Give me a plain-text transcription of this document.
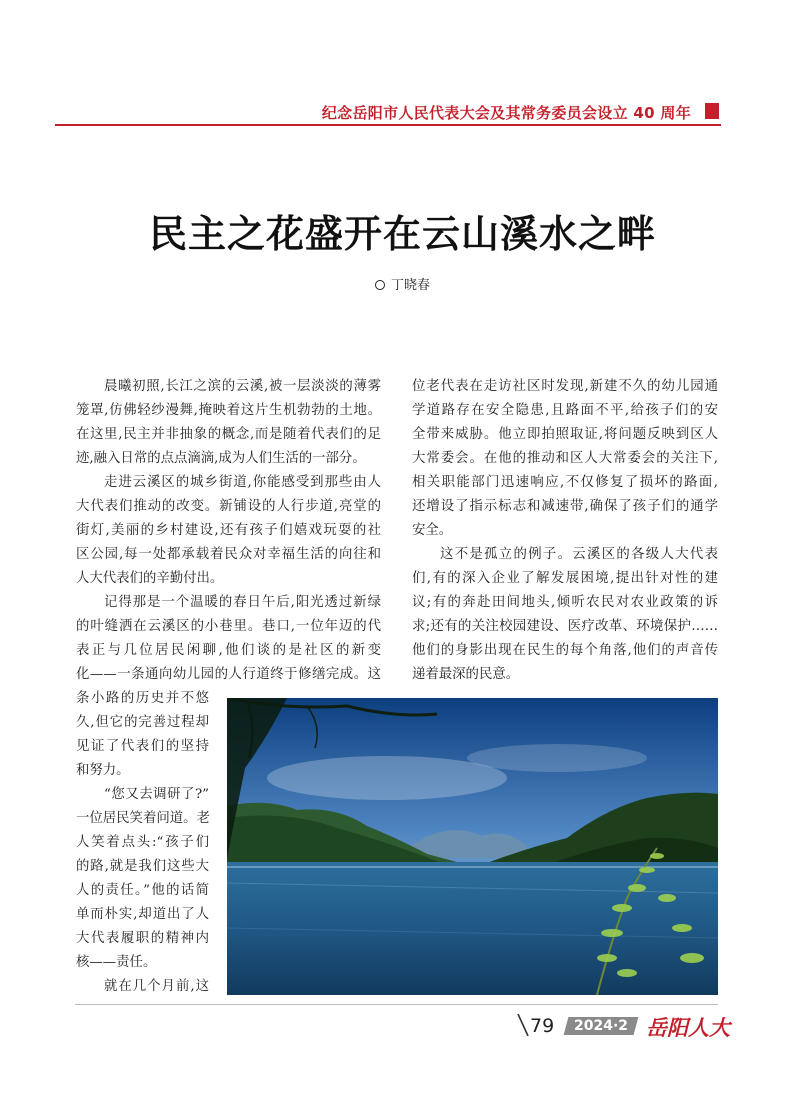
纪念岳阳市人民代表大会及其常务委员会设立 40 周年
民主之花盛开在云山溪水之畔
丁晓春
晨曦初照,长江之滨的云溪,被一层淡淡的薄雾
笼罩,仿佛轻纱漫舞,掩映着这片生机勃勃的土地。
在这里,民主并非抽象的概念,而是随着代表们的足
迹,融入日常的点点滴滴,成为人们生活的一部分。
走进云溪区的城乡街道,你能感受到那些由人
大代表们推动的改变。新铺设的人行步道,亮堂的
街灯,美丽的乡村建设,还有孩子们嬉戏玩耍的社
区公园,每一处都承载着民众对幸福生活的向往和
人大代表们的辛勤付出。
记得那是一个温暖的春日午后,阳光透过新绿
的叶缝洒在云溪区的小巷里。巷口,一位年迈的代
表正与几位居民闲聊,他们谈的是社区的新变
化——一条通向幼儿园的人行道终于修缮完成。这
条小路的历史并不悠
久,但它的完善过程却
见证了代表们的坚持
和努力。
“您又去调研了?”
一位居民笑着问道。老
人笑着点头:“孩子们
的路,就是我们这些大
人的责任。”他的话简
单而朴实,却道出了人
大代表履职的精神内
核——责任。
就在几个月前,这
位老代表在走访社区时发现,新建不久的幼儿园通
学道路存在安全隐患,且路面不平,给孩子们的安
全带来威胁。他立即拍照取证,将问题反映到区人
大常委会。在他的推动和区人大常委会的关注下,
相关职能部门迅速响应,不仅修复了损坏的路面,
还增设了指示标志和减速带,确保了孩子们的通学
安全。
这不是孤立的例子。云溪区的各级人大代表
们,有的深入企业了解发展困境,提出针对性的建
议;有的奔赴田间地头,倾听农民对农业政策的诉
求;还有的关注校园建设、医疗改革、环境保护……
他们的身影出现在民生的每个角落,他们的声音传
递着最深的民意。
79	2024·2 岳阳人大
